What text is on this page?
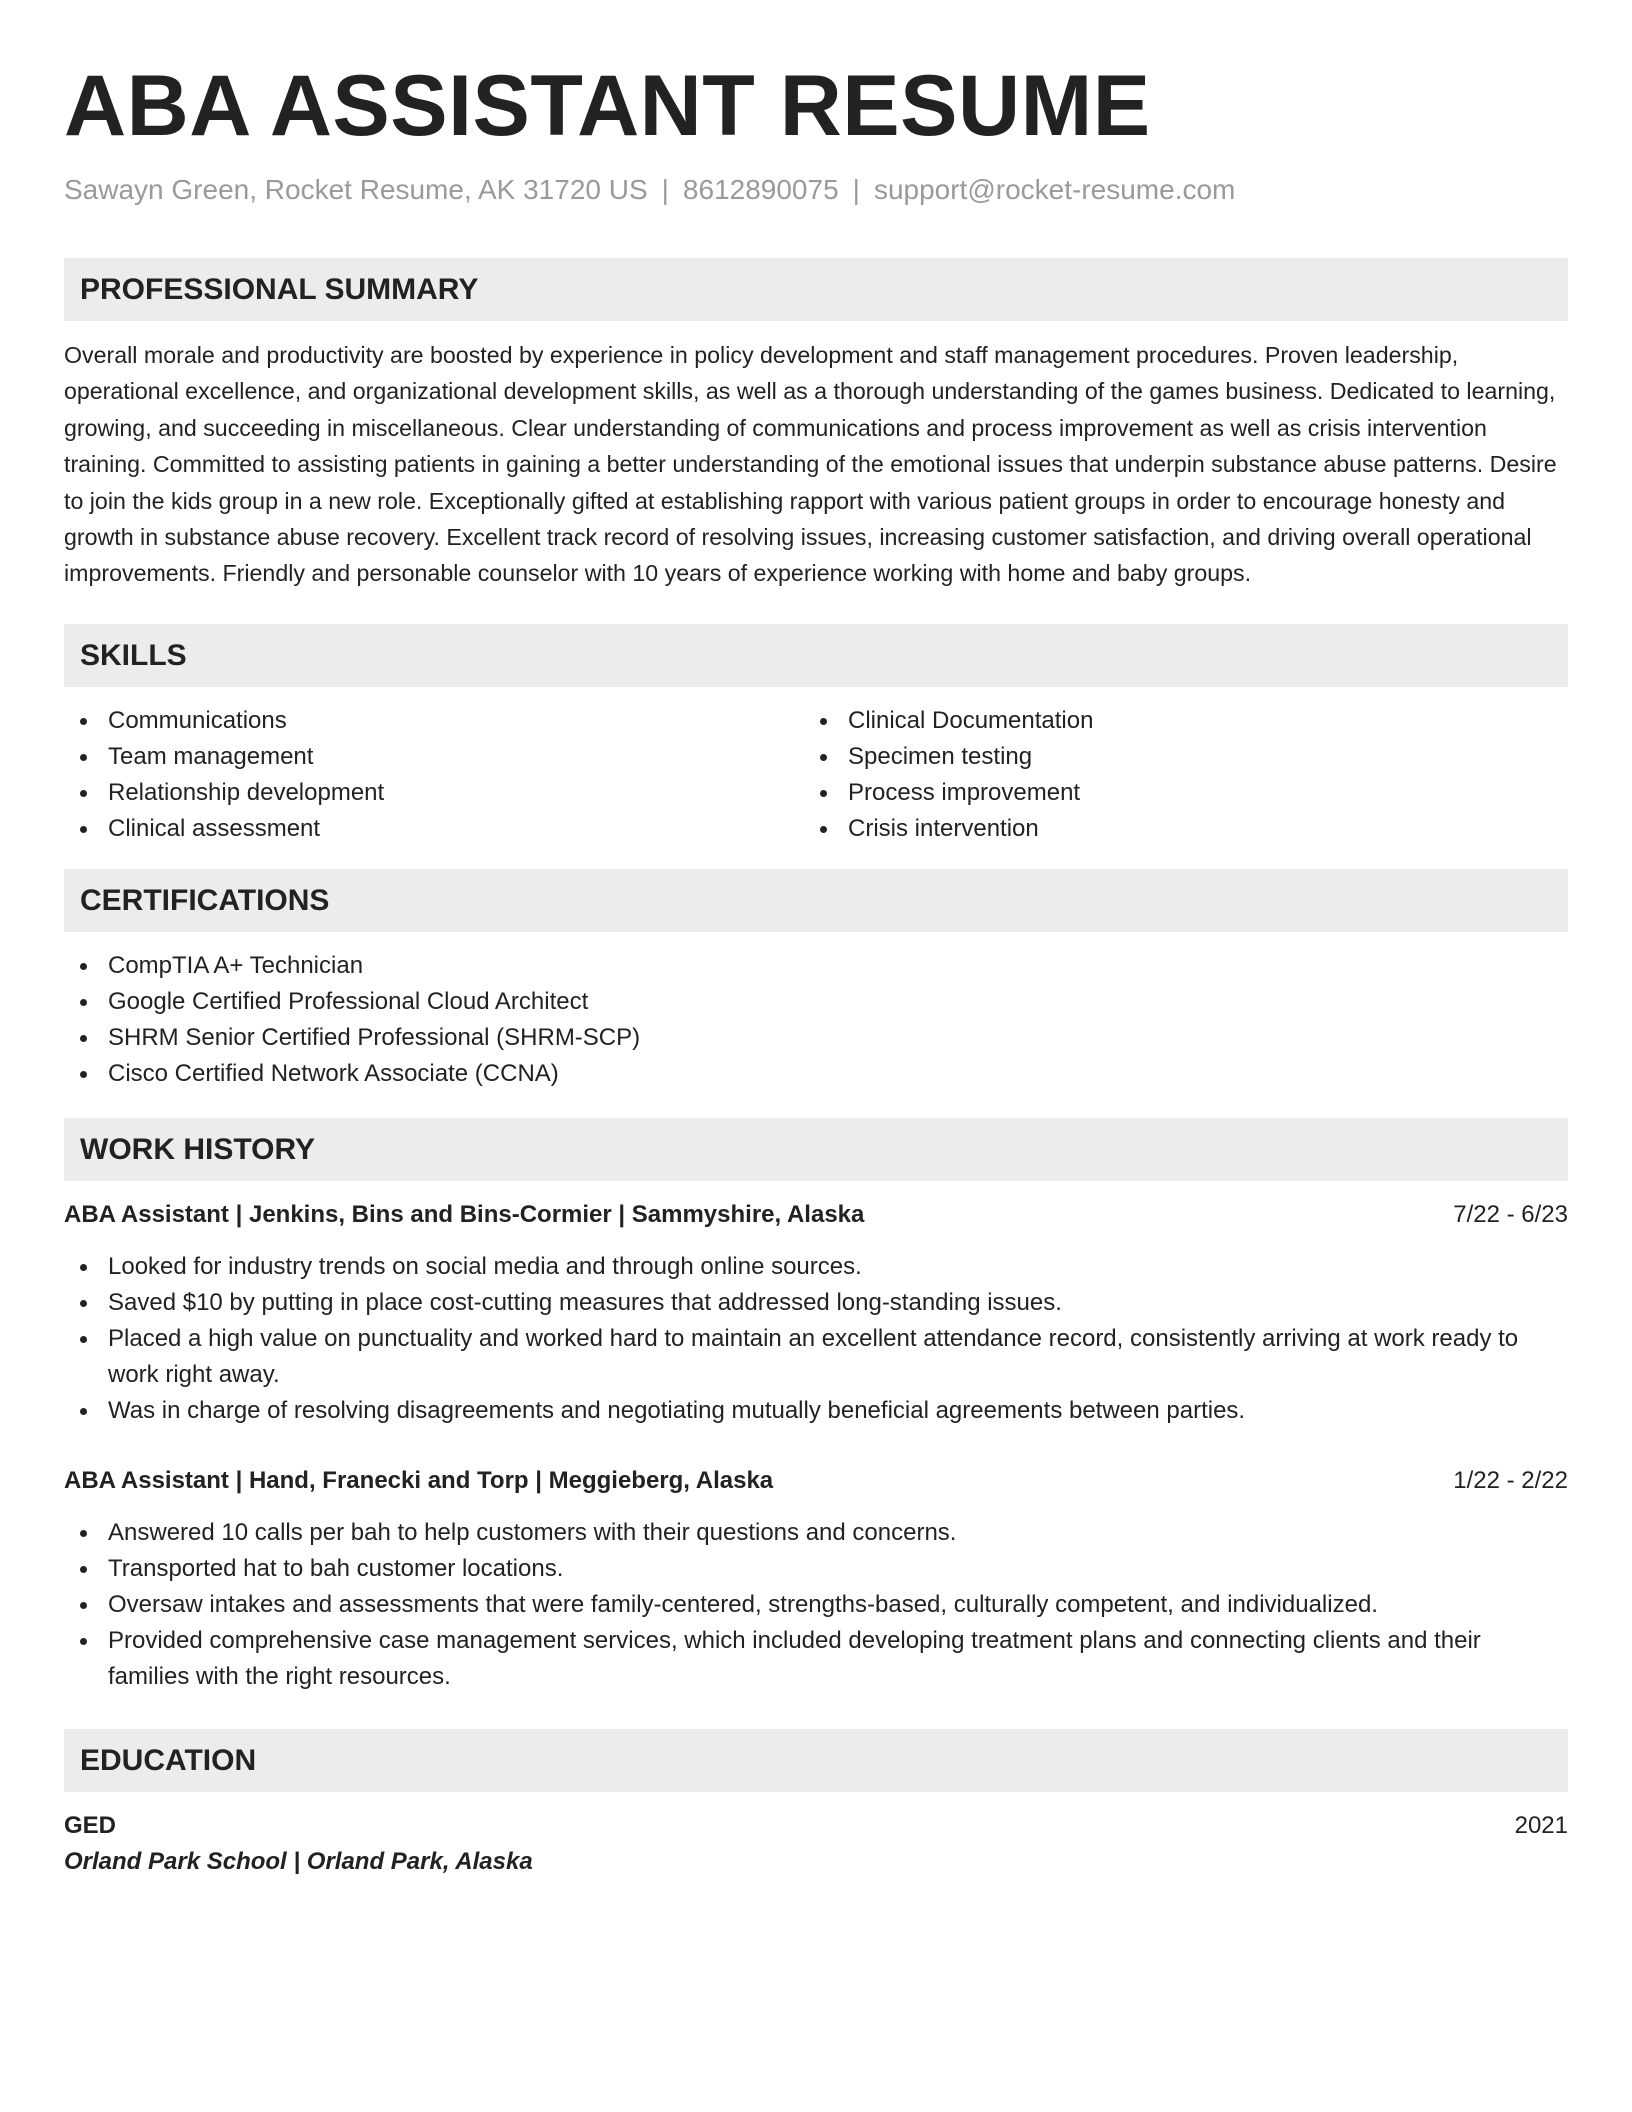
ABA ASSISTANT RESUME
Sawayn Green, Rocket Resume, AK 31720 US | 8612890075 | support@rocket-resume.com
PROFESSIONAL SUMMARY

Overall morale and productivity are boosted by experience in policy development and staff management procedures. Proven leadership, operational excellence, and organizational development skills, as well as a thorough understanding of the games business. Dedicated to learning, growing, and succeeding in miscellaneous. Clear understanding of communications and process improvement as well as crisis intervention training. Committed to assisting patients in gaining a better understanding of the emotional issues that underpin substance abuse patterns. Desire to join the kids group in a new role. Exceptionally gifted at establishing rapport with various patient groups in order to encourage honesty and growth in substance abuse recovery. Excellent track record of resolving issues, increasing customer satisfaction, and driving overall operational improvements. Friendly and personable counselor with 10 years of experience working with home and baby groups.

SKILLS
Communications
Team management
Relationship development
Clinical assessment
Clinical Documentation
Specimen testing
Process improvement
Crisis intervention
CERTIFICATIONS
CompTIA A+ Technician
Google Certified Professional Cloud Architect
SHRM Senior Certified Professional (SHRM-SCP)
Cisco Certified Network Associate (CCNA)
WORK HISTORY
ABA Assistant | Jenkins, Bins and Bins-Cormier | Sammyshire, Alaska	7/22 - 6/23
Looked for industry trends on social media and through online sources.
Saved $10 by putting in place cost-cutting measures that addressed long-standing issues.
Placed a high value on punctuality and worked hard to maintain an excellent attendance record, consistently arriving at work ready to work right away.
Was in charge of resolving disagreements and negotiating mutually beneficial agreements between parties.
ABA Assistant | Hand, Franecki and Torp | Meggieberg, Alaska	1/22 - 2/22
Answered 10 calls per bah to help customers with their questions and concerns.
Transported hat to bah customer locations.
Oversaw intakes and assessments that were family-centered, strengths-based, culturally competent, and individualized.
Provided comprehensive case management services, which included developing treatment plans and connecting clients and their families with the right resources.
EDUCATION
GED	2021
Orland Park School | Orland Park, Alaska
